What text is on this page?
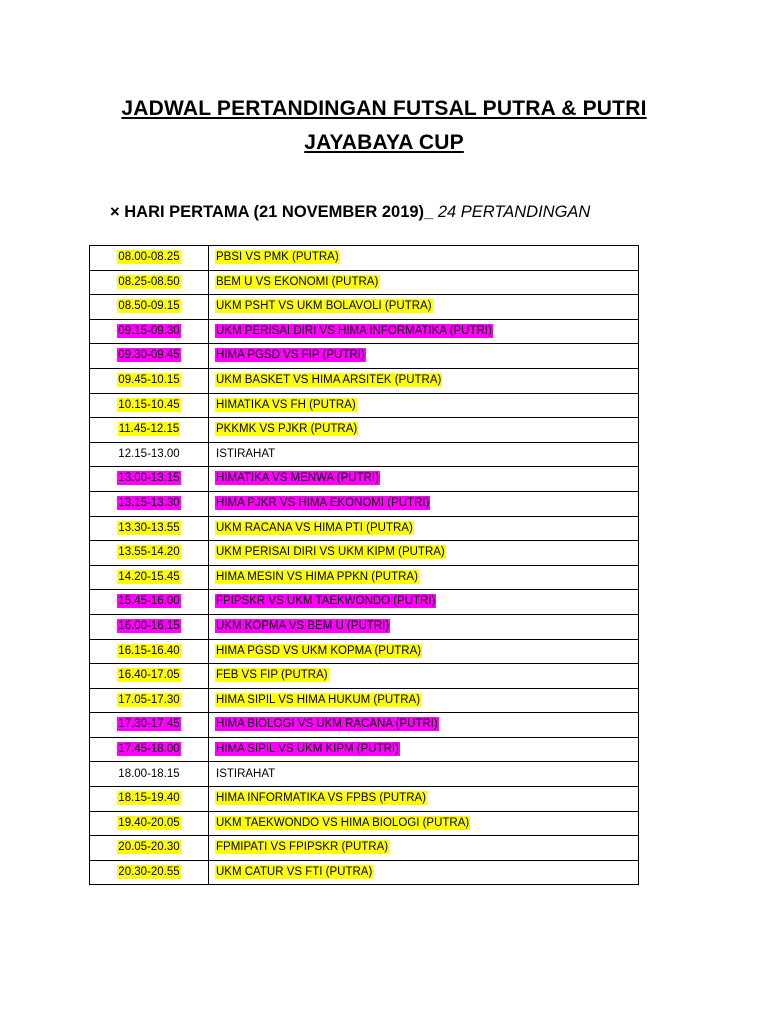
JADWAL PERTANDINGAN FUTSAL PUTRA & PUTRI
JAYABAYA CUP
× HARI PERTAMA (21 NOVEMBER 2019)_ 24 PERTANDINGAN
08.00-08.25	PBSI VS PMK (PUTRA)
08.25-08.50	BEM U VS EKONOMI (PUTRA)
08.50-09.15	UKM PSHT VS UKM BOLAVOLI (PUTRA)
09.15-09.30	UKM PERISAI DIRI VS HIMA INFORMATIKA (PUTRI)
09.30-09.45	HIMA PGSD VS FIP (PUTRI)
09.45-10.15	UKM BASKET VS HIMA ARSITEK (PUTRA)
10.15-10.45	HIMATIKA VS FH (PUTRA)
11.45-12.15	PKKMK VS PJKR (PUTRA)
12.15-13.00	ISTIRAHAT
13.00-13.15	HIMATIKA VS MENWA (PUTRI)
13.15-13.30	HIMA PJKR VS HIMA EKONOMI (PUTRI)
13.30-13.55	UKM RACANA VS HIMA PTI (PUTRA)
13.55-14.20	UKM PERISAI DIRI VS UKM KIPM (PUTRA)
14.20-15.45	HIMA MESIN VS HIMA PPKN (PUTRA)
15.45-16.00	FPIPSKR VS UKM TAEKWONDO (PUTRI)
16.00-16.15	UKM KOPMA VS BEM U (PUTRI)
16.15-16.40	HIMA PGSD VS UKM KOPMA (PUTRA)
16.40-17.05	FEB VS FIP (PUTRA)
17.05-17.30	HIMA SIPIL VS HIMA HUKUM (PUTRA)
17.30-17.45	HIMA BIOLOGI VS UKM RACANA (PUTRI)
17.45-18.00	HIMA SIPIL VS UKM KIPM (PUTRI)
18.00-18.15	ISTIRAHAT
18.15-19.40	HIMA INFORMATIKA VS FPBS (PUTRA)
19.40-20.05	UKM TAEKWONDO VS HIMA BIOLOGI (PUTRA)
20.05-20.30	FPMIPATI VS FPIPSKR (PUTRA)
20.30-20.55	UKM CATUR VS FTI (PUTRA)
